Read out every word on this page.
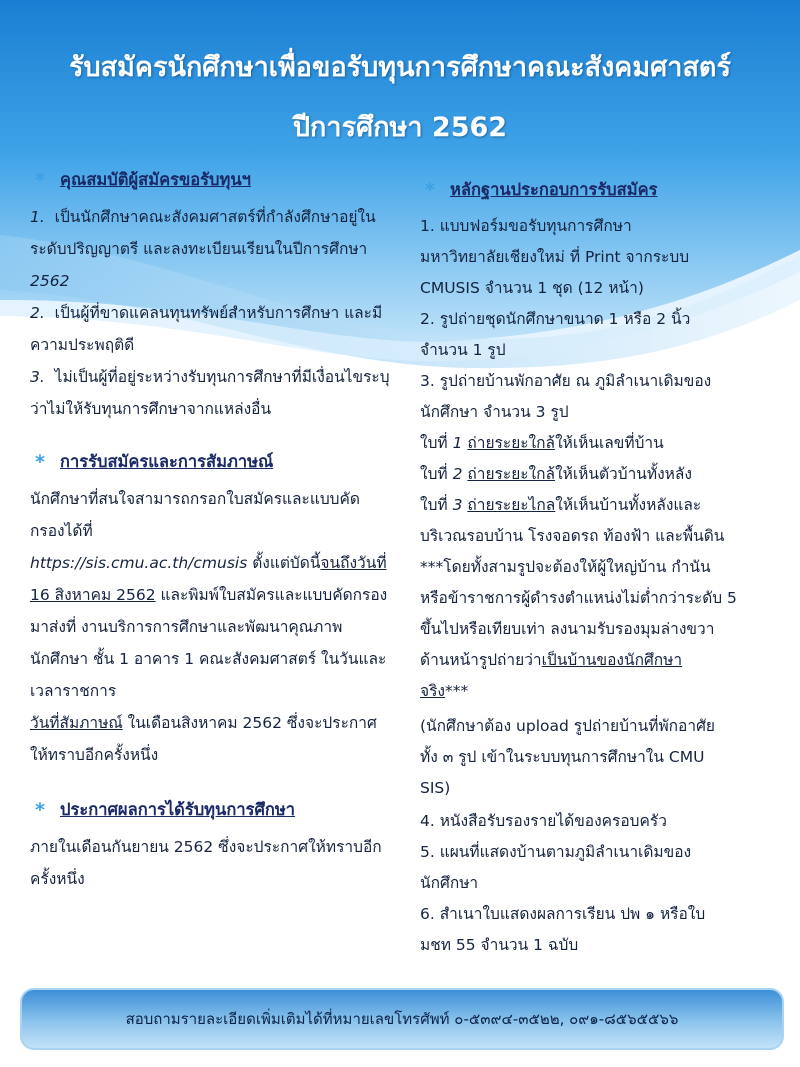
รับสมัครนักศึกษาเพื่อขอรับทุนการศึกษาคณะสังคมศาสตร์
ปีการศึกษา 2562
* คุณสมบัติผู้สมัครขอรับทุนฯ

1. เป็นนักศึกษาคณะสังคมศาสตร์ที่กำลังศึกษาอยู่ในระดับปริญญาตรี และลงทะเบียนเรียนในปีการศึกษา  2562

2. เป็นผู้ที่ขาดแคลนทุนทรัพย์สำหรับการศึกษา และมีความประพฤติดี

3. ไม่เป็นผู้ที่อยู่ระหว่างรับทุนการศึกษาที่มีเงื่อนไขระบุว่าไม่ให้รับทุนการศึกษาจากแหล่งอื่น

* การรับสมัครและการสัมภาษณ์

นักศึกษาที่สนใจสามารถกรอกใบสมัครและแบบคัดกรองได้ที่

https://sis.cmu.ac.th/cmusis ตั้งแต่บัดนี้จนถึงวันที่ 16 สิงหาคม 2562 และพิมพ์ใบสมัครและแบบคัดกรองมาส่งที่ งานบริการการศึกษาและพัฒนาคุณภาพนักศึกษา ชั้น 1 อาคาร 1 คณะสังคมศาสตร์ ในวันและเวลาราชการ

วันที่สัมภาษณ์ ในเดือนสิงหาคม 2562 ซึ่งจะประกาศให้ทราบอีกครั้งหนึ่ง

* ประกาศผลการได้รับทุนการศึกษา

ภายในเดือนกันยายน 2562 ซึ่งจะประกาศให้ทราบอีกครั้งหนึ่ง

* หลักฐานประกอบการรับสมัคร
1. แบบฟอร์มขอรับทุนการศึกษา
มหาวิทยาลัยเชียงใหม่ ที่ Print จากระบบ
CMUSIS จำนวน 1 ชุด (12 หน้า)
2. รูปถ่ายชุดนักศึกษาขนาด 1 หรือ 2 นิ้ว
จำนวน 1 รูป
3. รูปถ่ายบ้านพักอาศัย ณ ภูมิลำเนาเดิมของ
นักศึกษา จำนวน 3 รูป
ใบที่ 1 ถ่ายระยะใกล้ให้เห็นเลขที่บ้าน
ใบที่ 2 ถ่ายระยะใกล้ให้เห็นตัวบ้านทั้งหลัง
ใบที่ 3 ถ่ายระยะไกลให้เห็นบ้านทั้งหลังและ
บริเวณรอบบ้าน โรงจอดรถ ท้องฟ้า และพื้นดิน
***โดยทั้งสามรูปจะต้องให้ผู้ใหญ่บ้าน กำนัน
หรือข้าราชการผู้ดำรงตำแหน่งไม่ต่ำกว่าระดับ 5
ขึ้นไปหรือเทียบเท่า ลงนามรับรองมุมล่างขวา
ด้านหน้ารูปถ่ายว่าเป็นบ้านของนักศึกษา
จริง***
(นักศึกษาต้อง upload รูปถ่ายบ้านที่พักอาศัย
ทั้ง ๓ รูป เข้าในระบบทุนการศึกษาใน CMU
SIS)
4. หนังสือรับรองรายได้ของครอบครัว
5. แผนที่แสดงบ้านตามภูมิลำเนาเดิมของ
นักศึกษา
6. สำเนาใบแสดงผลการเรียน ปพ ๑ หรือใบ
มชท 55 จำนวน 1 ฉบับ
สอบถามรายละเอียดเพิ่มเติมได้ที่หมายเลขโทรศัพท์ ๐-๕๓๙๔-๓๕๒๒, ๐๙๑-๘๕๖๕๕๖๖
